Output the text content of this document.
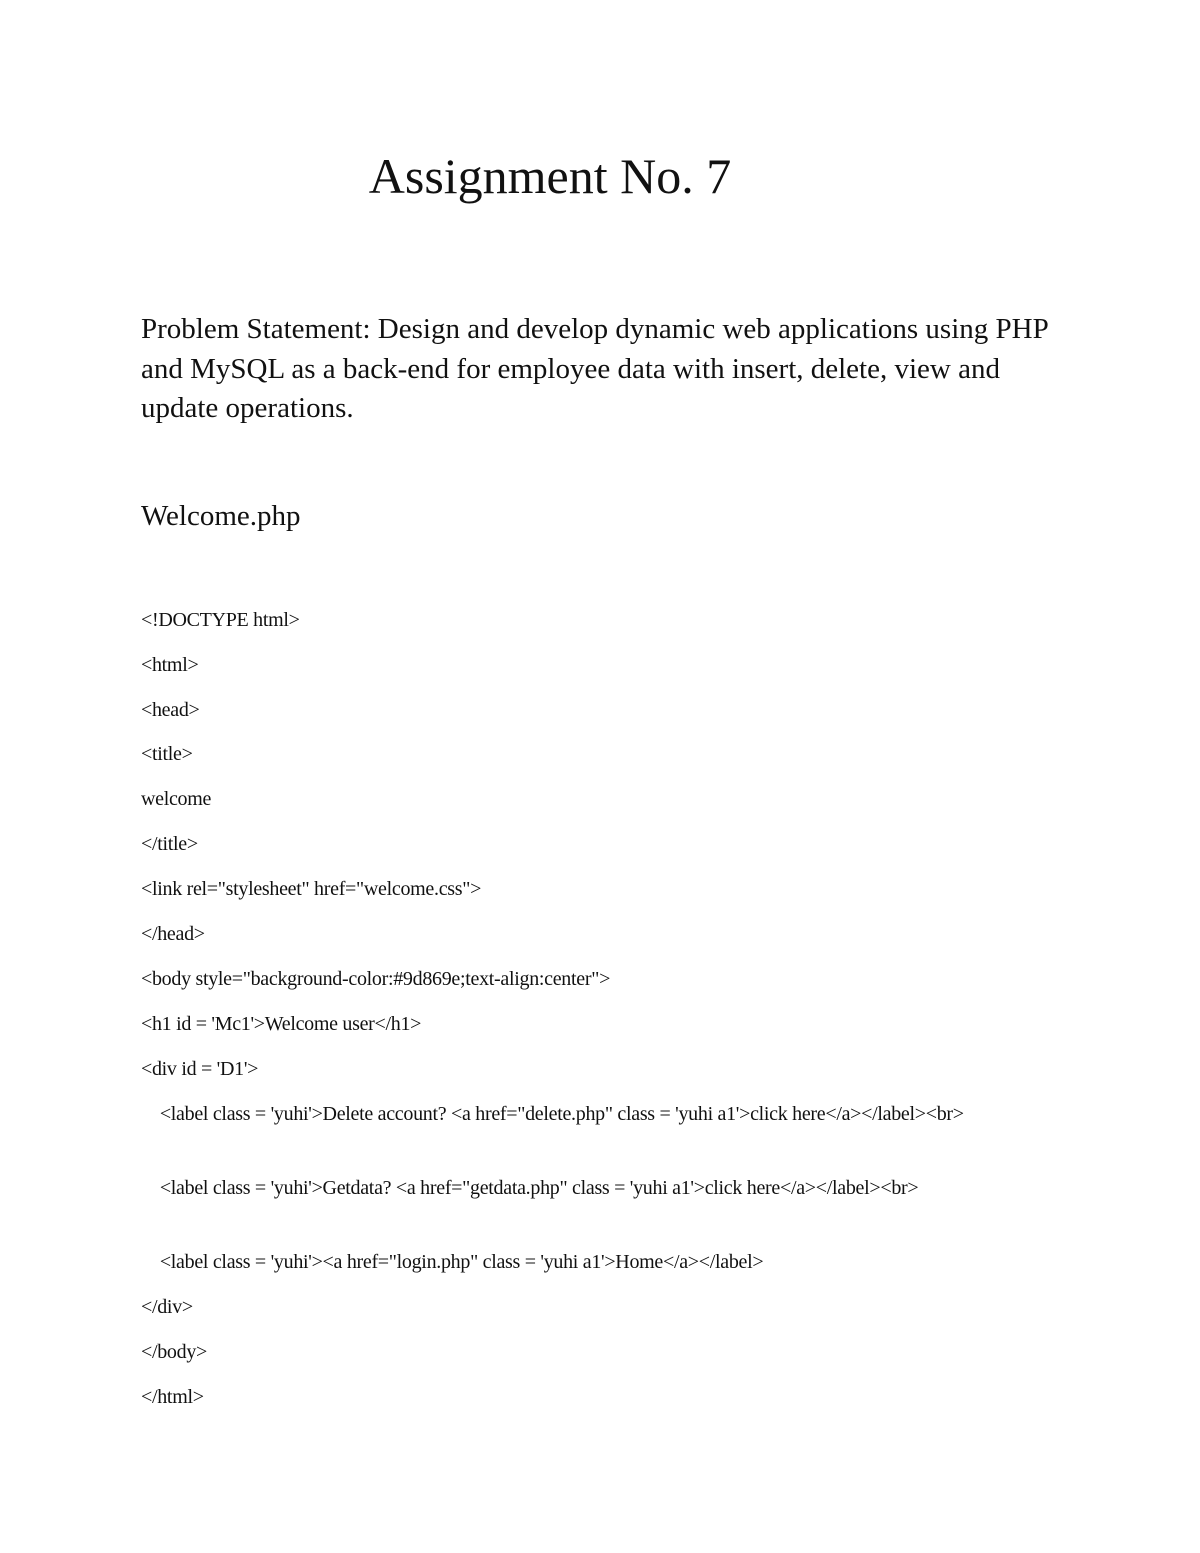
Assignment No. 7

Problem Statement: Design and develop dynamic web applications using PHP and MySQL as a back-end for employee data with insert, delete, view and update operations.

Welcome.php

<!DOCTYPE html>
<html>
<head>
<title>
welcome
</title>
<link rel="stylesheet" href="welcome.css">
</head>
<body style="background-color:#9d869e;text-align:center">
<h1 id = 'Mc1'>Welcome user</h1>
<div id = 'D1'>
<label class = 'yuhi'>Delete account? <a href="delete.php" class = 'yuhi a1'>click here</a></label><br>
<label class = 'yuhi'>Getdata? <a href="getdata.php" class = 'yuhi a1'>click here</a></label><br>
<label class = 'yuhi'><a href="login.php" class = 'yuhi a1'>Home</a></label>
</div>
</body>
</html>
